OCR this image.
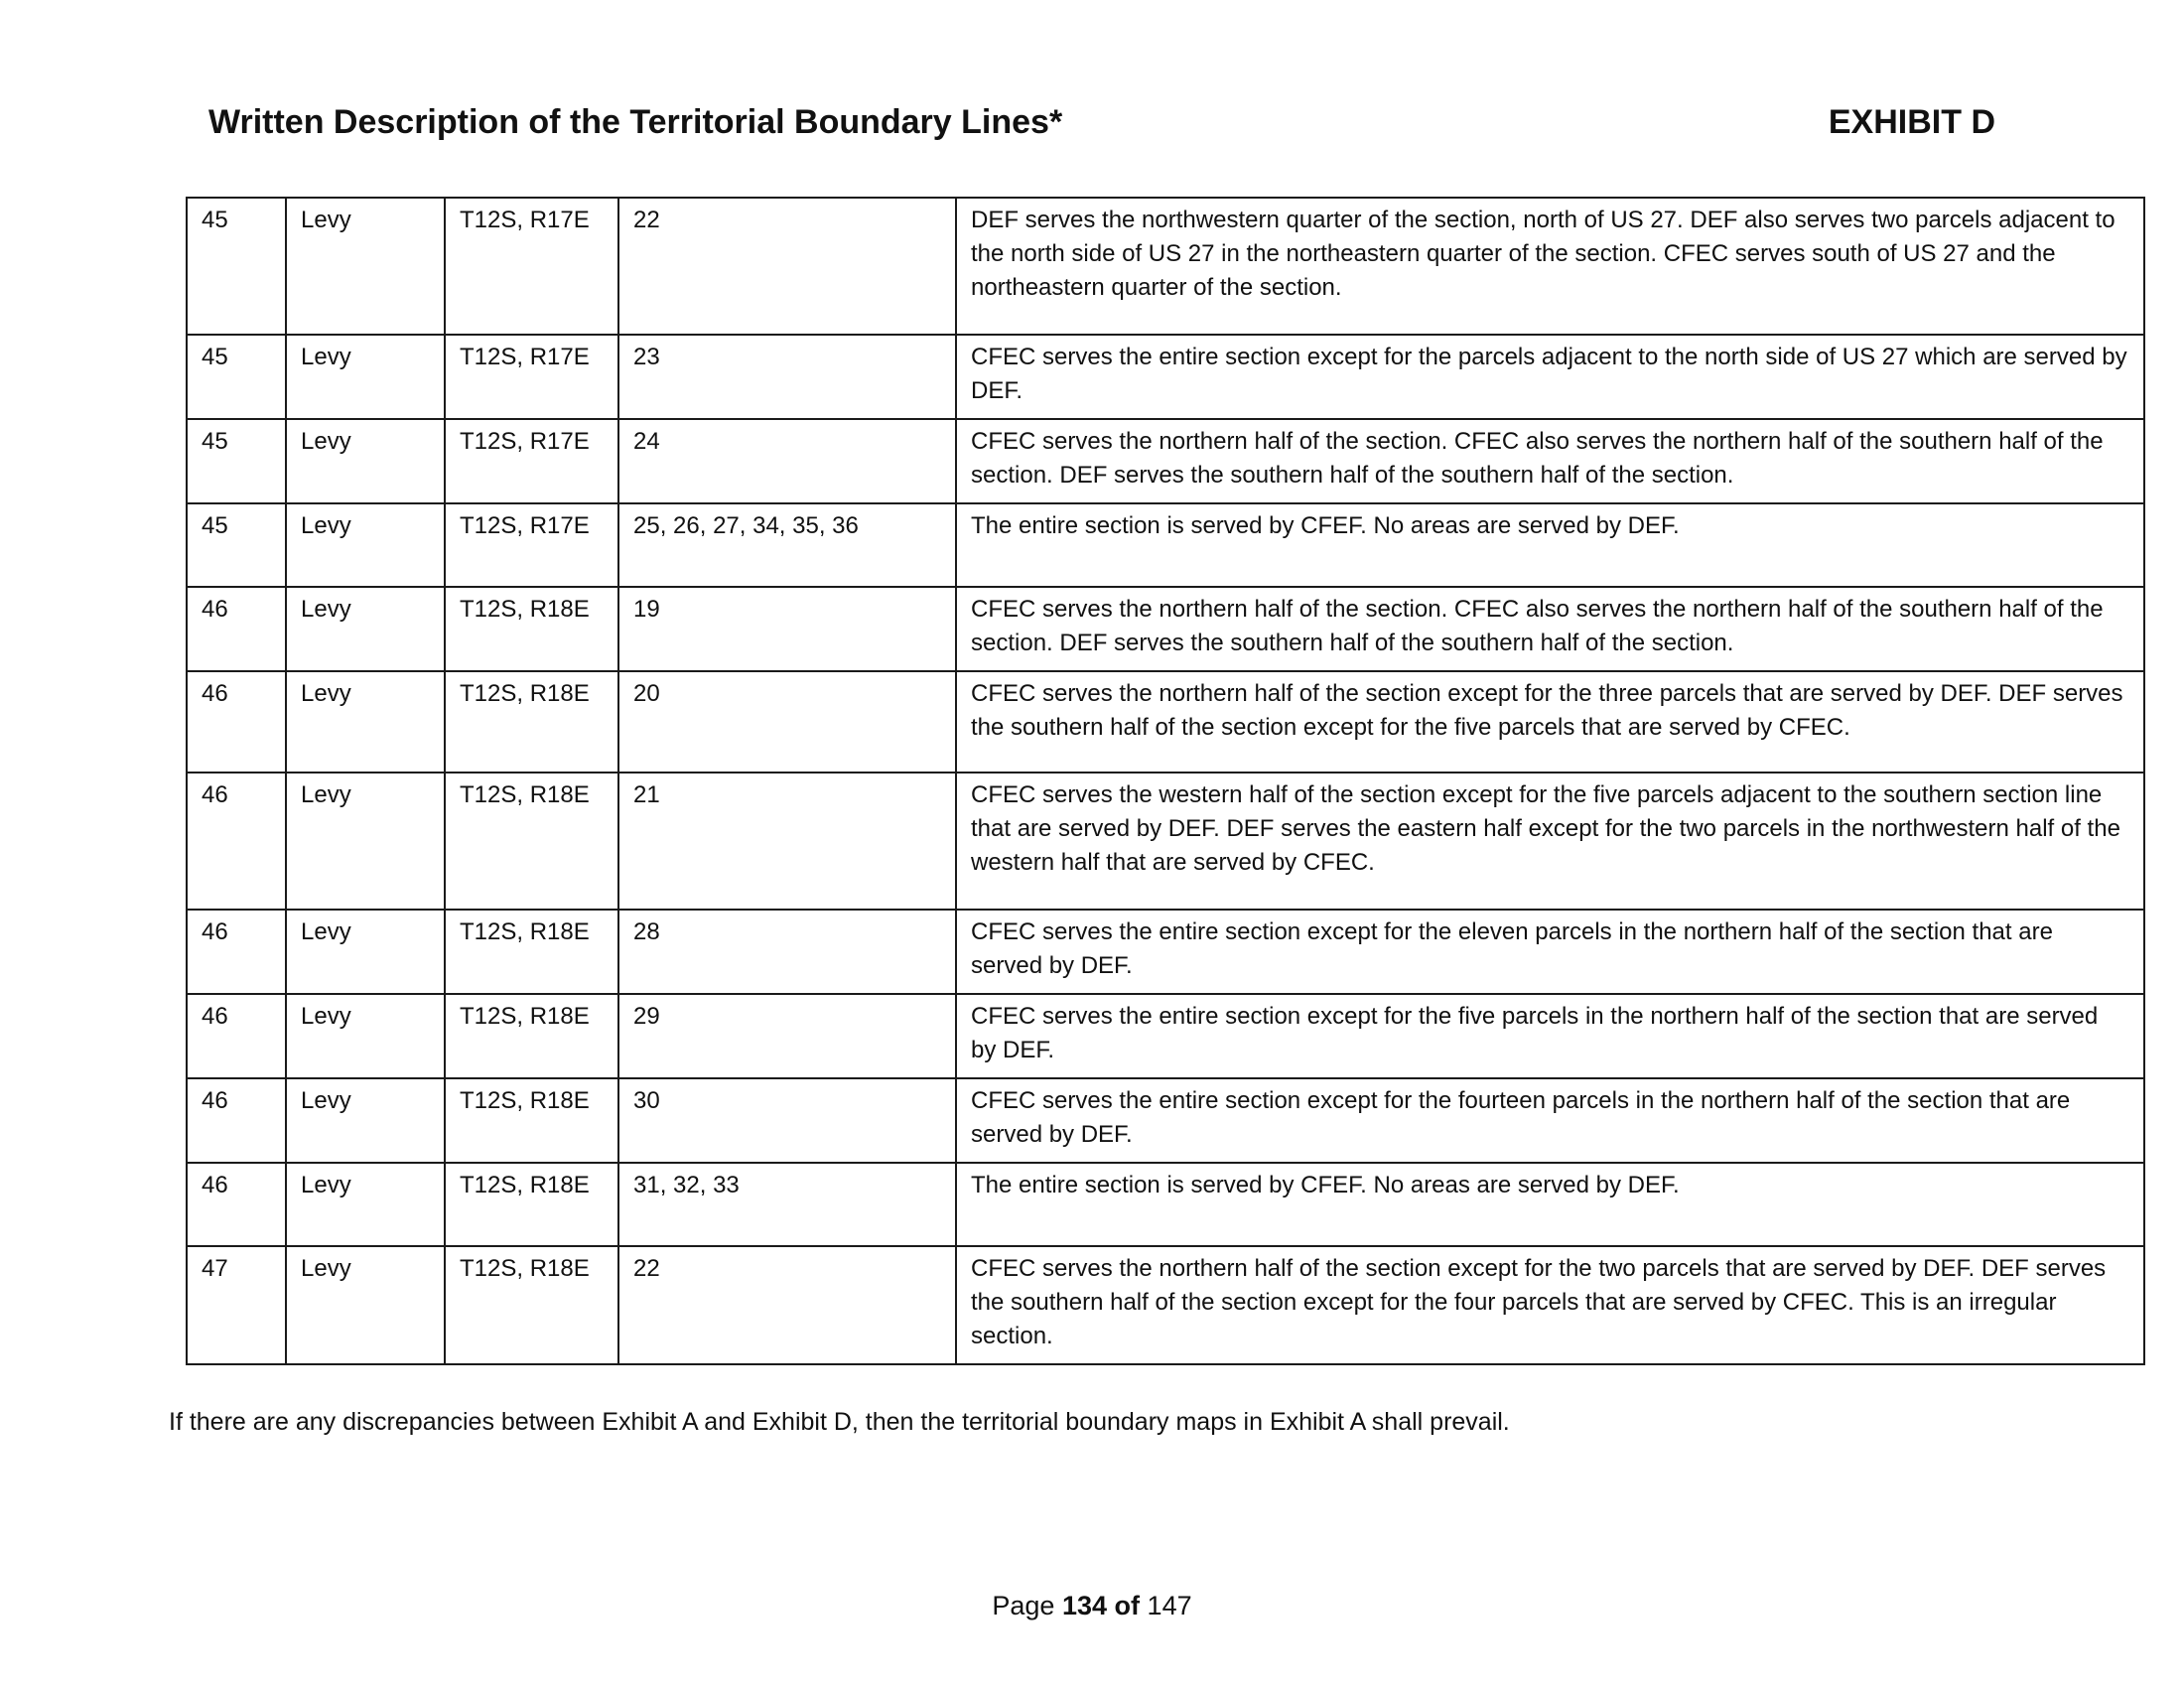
Written Description of the Territorial Boundary Lines*	EXHIBIT D
45	Levy	T12S, R17E	22	DEF serves the northwestern quarter of the section, north of US 27. DEF also serves two parcels adjacent to the north side of US 27 in the northeastern quarter of the section. CFEC serves south of US 27 and the northeastern quarter of the section.
45	Levy	T12S, R17E	23	CFEC serves the entire section except for the parcels adjacent to the north side of US 27 which are served by DEF.
45	Levy	T12S, R17E	24	CFEC serves the northern half of the section. CFEC also serves the northern half of the southern half of the section. DEF serves the southern half of the southern half of the section.
45	Levy	T12S, R17E	25, 26, 27, 34, 35, 36	The entire section is served by CFEF. No areas are served by DEF.
46	Levy	T12S, R18E	19	CFEC serves the northern half of the section. CFEC also serves the northern half of the southern half of the section. DEF serves the southern half of the southern half of the section.
46	Levy	T12S, R18E	20	CFEC serves the northern half of the section except for the three parcels that are served by DEF. DEF serves the southern half of the section except for the five parcels that are served by CFEC.
46	Levy	T12S, R18E	21	CFEC serves the western half of the section except for the five parcels adjacent to the southern section line that are served by DEF. DEF serves the eastern half except for the two parcels in the northwestern half of the western half that are served by CFEC.
46	Levy	T12S, R18E	28	CFEC serves the entire section except for the eleven parcels in the northern half of the section that are served by DEF.
46	Levy	T12S, R18E	29	CFEC serves the entire section except for the five parcels in the northern half of the section that are served by DEF.
46	Levy	T12S, R18E	30	CFEC serves the entire section except for the fourteen parcels in the northern half of the section that are served by DEF.
46	Levy	T12S, R18E	31, 32, 33	The entire section is served by CFEF. No areas are served by DEF.
47	Levy	T12S, R18E	22	CFEC serves the northern half of the section except for the two parcels that are served by DEF. DEF serves the southern half of the section except for the four parcels that are served by CFEC. This is an irregular section.
If there are any discrepancies between Exhibit A and Exhibit D, then the territorial boundary maps in Exhibit A shall prevail.
Page 134 of 147
